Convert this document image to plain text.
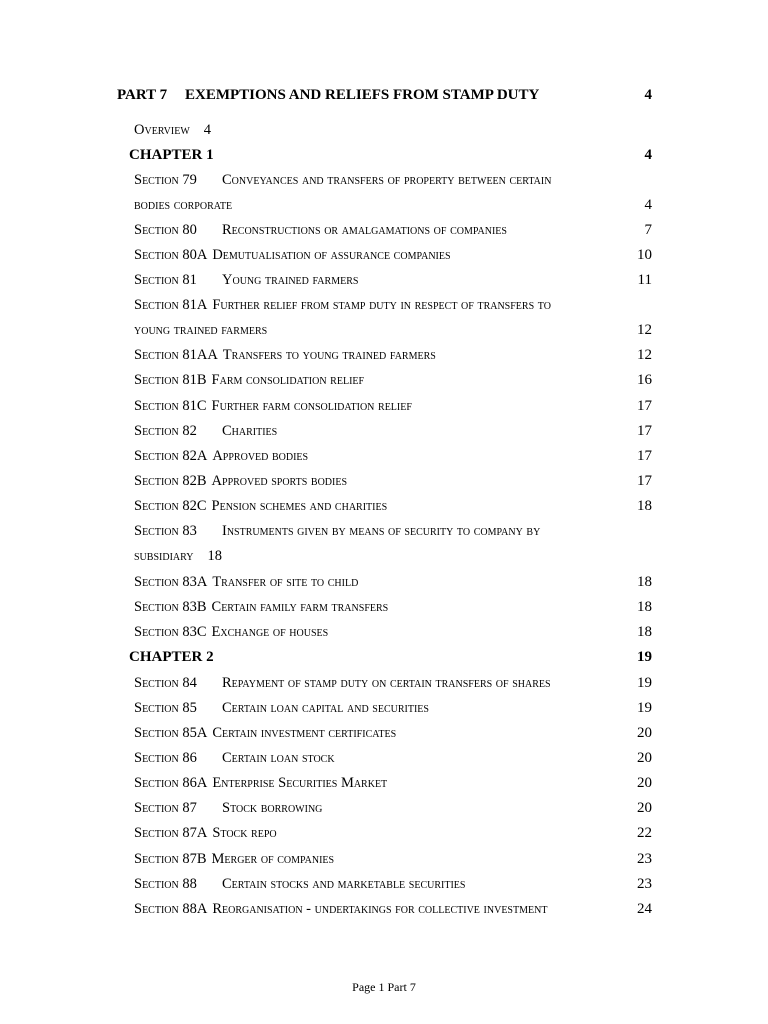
PART 7 EXEMPTIONS AND RELIEFS FROM STAMP DUTY	4
Overview 4
CHAPTER 1	4
Section 79 Conveyances and transfers of property between certain
bodies corporate	4
Section 80 Reconstructions or amalgamations of companies	7
Section 80A Demutualisation of assurance companies	10
Section 81 Young trained farmers	11
Section 81A Further relief from stamp duty in respect of transfers to
young trained farmers	12
Section 81AA Transfers to young trained farmers	12
Section 81B Farm consolidation relief	16
Section 81C Further farm consolidation relief	17
Section 82 Charities	17
Section 82A Approved bodies	17
Section 82B Approved sports bodies	17
Section 82C Pension schemes and charities	18
Section 83 Instruments given by means of security to company by
subsidiary 18
Section 83A Transfer of site to child	18
Section 83B Certain family farm transfers	18
Section 83C Exchange of houses	18
CHAPTER 2	19
Section 84 Repayment of stamp duty on certain transfers of shares	19
Section 85 Certain loan capital and securities	19
Section 85A Certain investment certificates	20
Section 86 Certain loan stock	20
Section 86A Enterprise Securities Market	20
Section 87 Stock borrowing	20
Section 87A Stock repo	22
Section 87B Merger of companies	23
Section 88 Certain stocks and marketable securities	23
Section 88A Reorganisation - undertakings for collective investment	24
Page 1 Part 7
